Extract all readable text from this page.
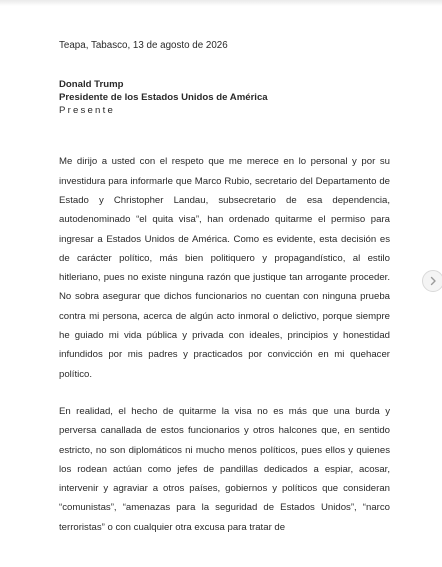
Teapa, Tabasco, 13 de agosto de 2026

Donald Trump
Presidente de los Estados Unidos de América
Presente

Me dirijo a usted con el respeto que me merece en lo personal y por su investidura para informarle que Marco Rubio, secretario del Departamento de Estado y Christopher Landau, subsecretario de esa dependencia, autodenominado “el quita visa”, han ordenado quitarme el permiso para ingresar a Estados Unidos de América. Como es evidente, esta decisión es de carácter político, más bien politiquero y propagandístico, al estilo hitleriano, pues no existe ninguna razón que justique tan arrogante proceder. No sobra asegurar que dichos funcionarios no cuentan con ninguna prueba contra mi persona, acerca de algún acto inmoral o delictivo, porque siempre he guiado mi vida pública y privada con ideales, principios y honestidad infundidos por mis padres y practicados por convicción en mi quehacer político.

En realidad, el hecho de quitarme la visa no es más que una burda y perversa canallada de estos funcionarios y otros halcones que, en sentido estricto, no son diplomáticos ni mucho menos políticos, pues ellos y quienes los rodean actúan como jefes de pandillas dedicados a espiar, acosar, intervenir y agraviar a otros países, gobiernos y políticos que consideran “comunistas”, “amenazas para la seguridad de Estados Unidos”, “narco terroristas” o con cualquier otra excusa para tratar de
